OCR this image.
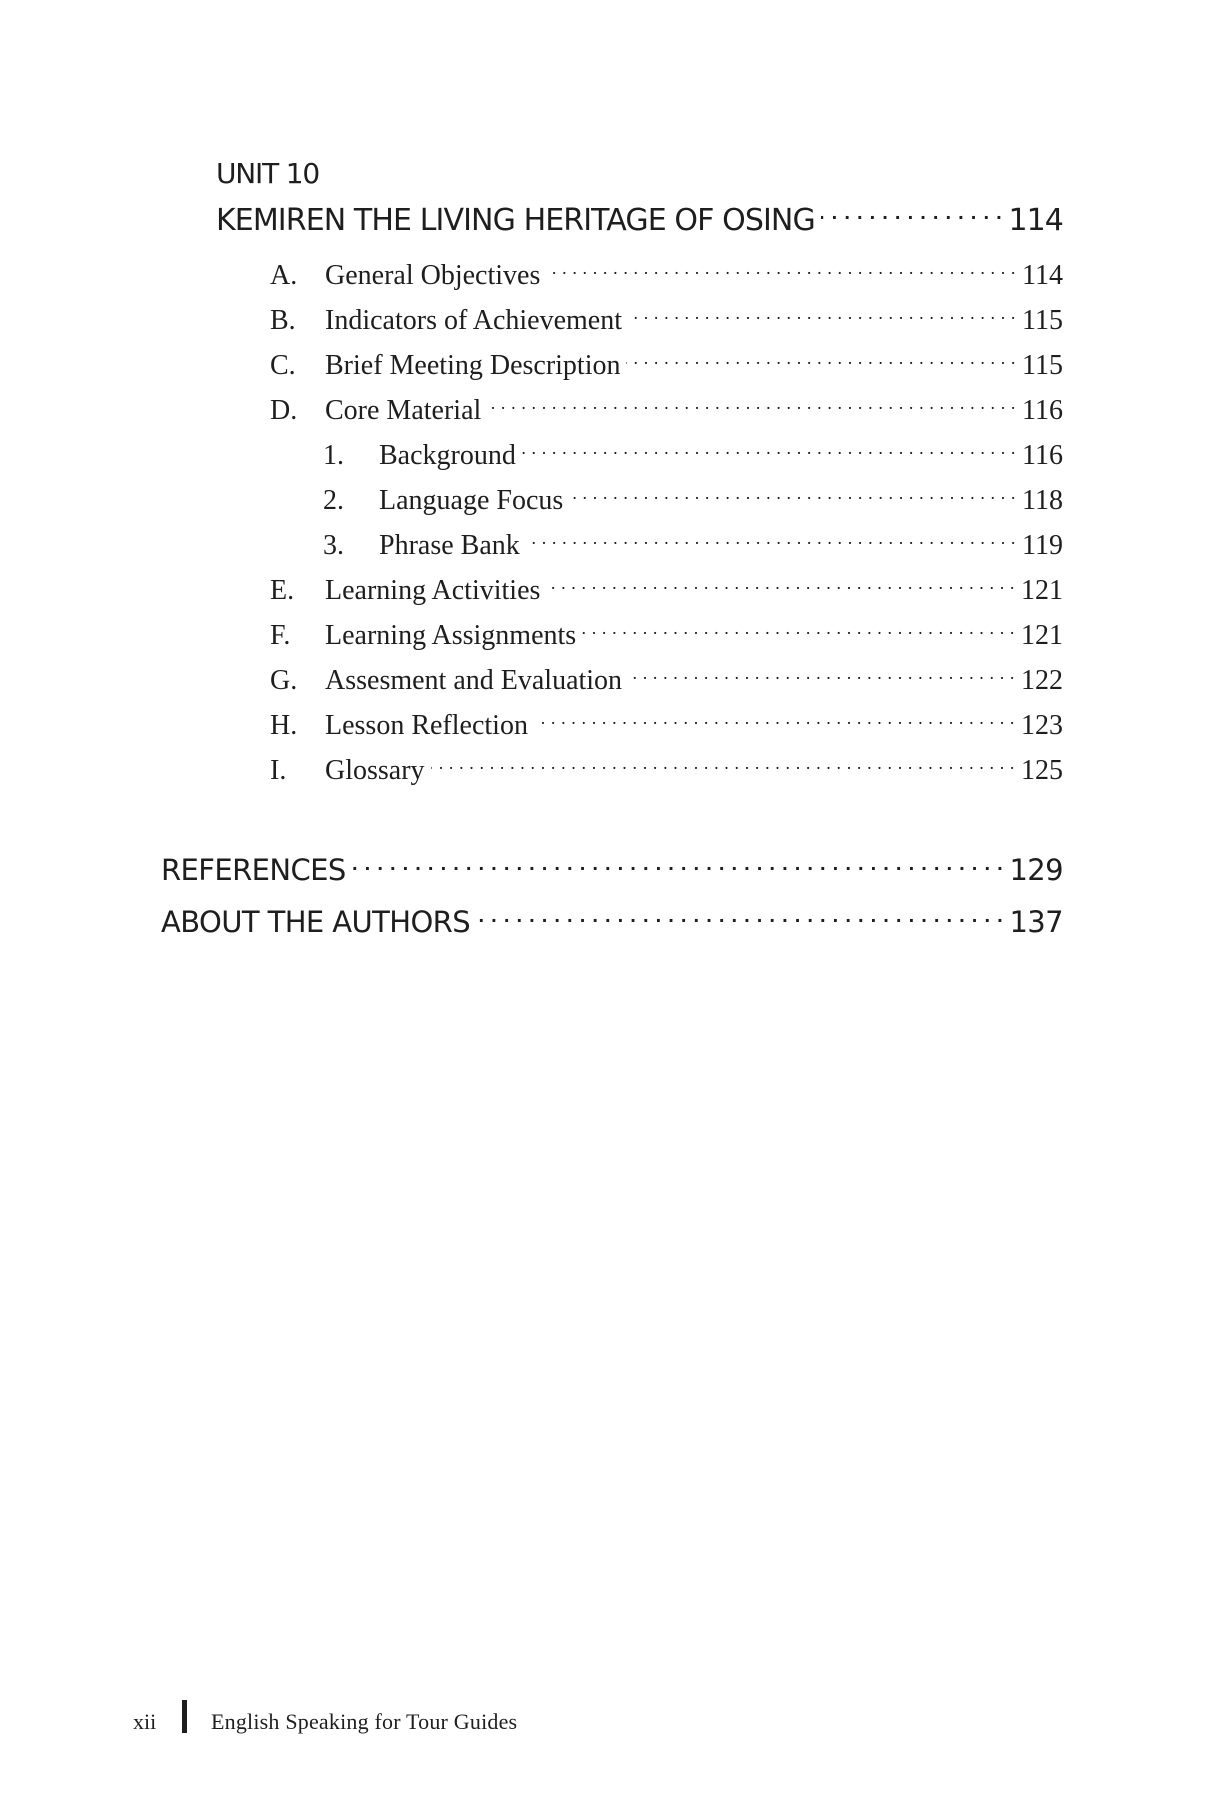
UNIT 10
KEMIREN THE LIVING HERITAGE OF OSING . . .	114
A. General Objectives . . .	114
B.	Indicators of Achievement . . .	115
C.	Brief Meeting Description . . .	115
D. Core Material . . .	116
1.	Background . . .	116
2.	Language Focus . . .	118
3.	Phrase Bank . . .	119
E.	Learning Activities . . .	121
F.	Learning Assignments . . .	121
G. Assesment and Evaluation . . .	122
H. Lesson Reflection . . .	123
I.	Glossary . . .	125
REFERENCES . . .	129
ABOUT THE AUTHORS . . .	137
xii	English Speaking for Tour Guides
